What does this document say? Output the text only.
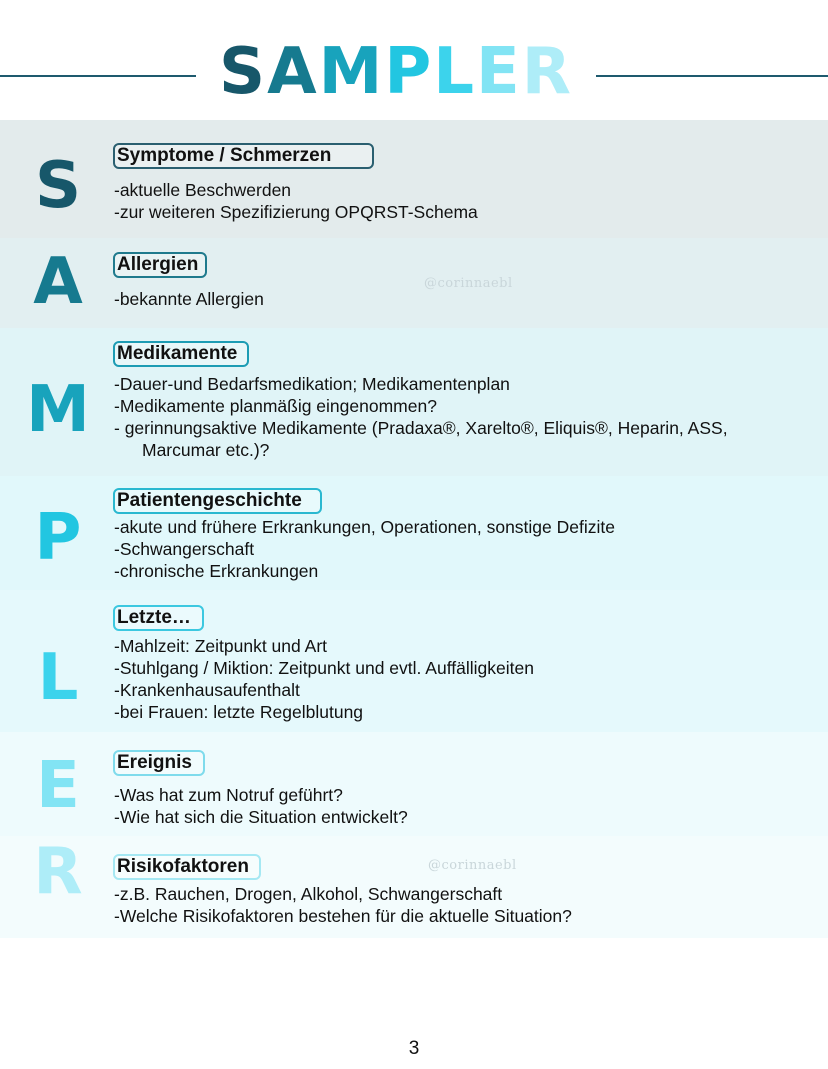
S A M P L E R
S	Symptome / Schmerzen
-aktuelle Beschwerden
-zur weiteren Spezifizierung OPQRST-Schema
A	Allergien
-bekannte Allergien
@corinnaebl
M
Medikamente
-Dauer-und Bedarfsmedikation; Medikamentenplan
-Medikamente planmäßig eingenommen?
- gerinnungsaktive Medikamente (Pradaxa®, Xarelto®, Eliquis®, Heparin, ASS,
Marcumar etc.)?
P
Patientengeschichte
-akute und frühere Erkrankungen, Operationen, sonstige Defizite
-Schwangerschaft
-chronische Erkrankungen
L
Letzte…
-Mahlzeit: Zeitpunkt und Art
-Stuhlgang / Miktion: Zeitpunkt und evtl. Auffälligkeiten
-Krankenhausaufenthalt
-bei Frauen: letzte Regelblutung
E	Ereignis
-Was hat zum Notruf geführt?
-Wie hat sich die Situation entwickelt?
R	Risikofaktoren
-z.B. Rauchen, Drogen, Alkohol, Schwangerschaft
-Welche Risikofaktoren bestehen für die aktuelle Situation?
@corinnaebl
3
